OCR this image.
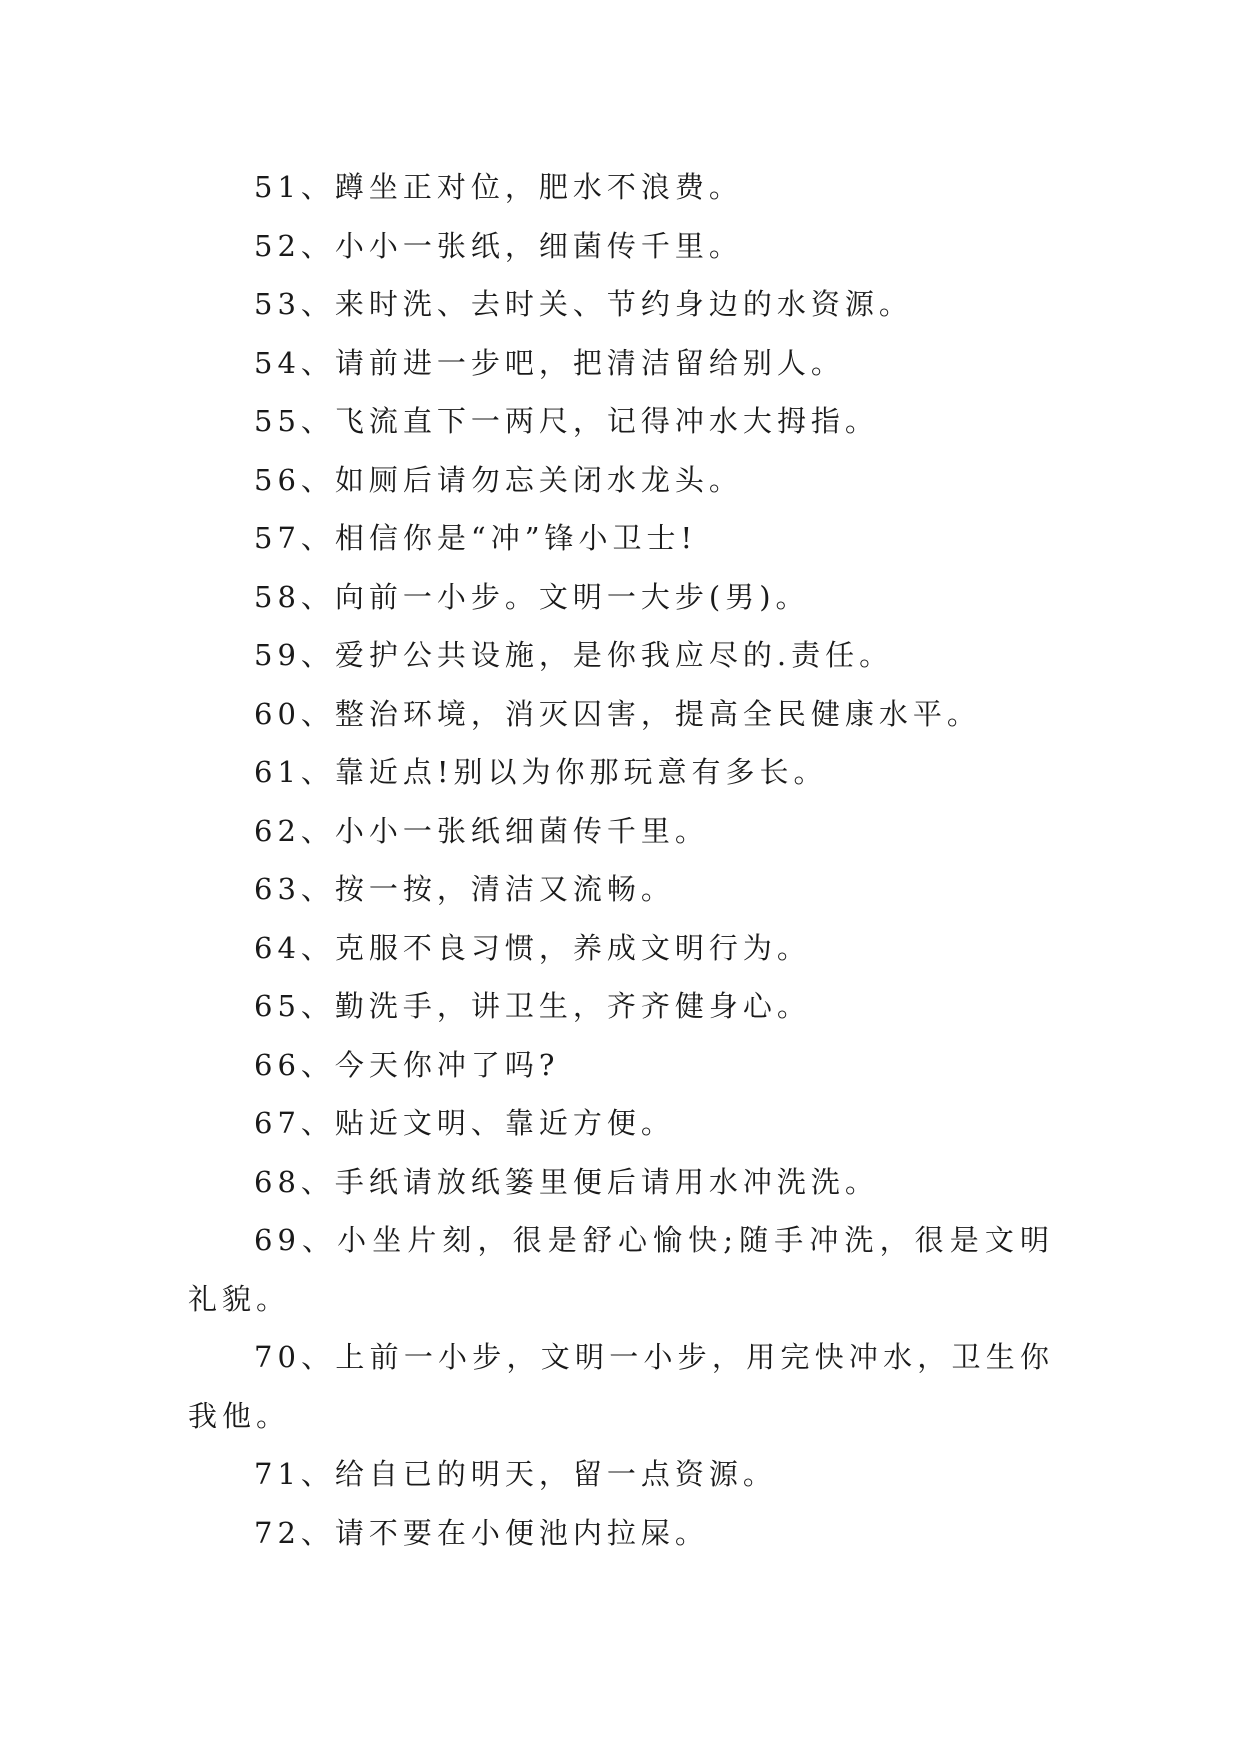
51、蹲坐正对位，肥水不浪费。

52、小小一张纸，细菌传千里。

53、来时洗、去时关、节约身边的水资源。

54、请前进一步吧，把清洁留给别人。

55、飞流直下一两尺，记得冲水大拇指。

56、如厕后请勿忘关闭水龙头。

57、相信你是“冲”锋小卫士!

58、向前一小步。文明一大步(男)。

59、爱护公共设施，是你我应尽的.责任。

60、整治环境，消灭囚害，提高全民健康水平。

61、靠近点!别以为你那玩意有多长。

62、小小一张纸细菌传千里。

63、按一按，清洁又流畅。

64、克服不良习惯，养成文明行为。

65、勤洗手，讲卫生，齐齐健身心。

66、今天你冲了吗?

67、贴近文明、靠近方便。

68、手纸请放纸篓里便后请用水冲洗洗。

69、小坐片刻，很是舒心愉快;随手冲洗，很是文明礼貌。

70、上前一小步，文明一小步，用完快冲水，卫生你我他。

71、给自已的明天，留一点资源。

72、请不要在小便池内拉屎。
